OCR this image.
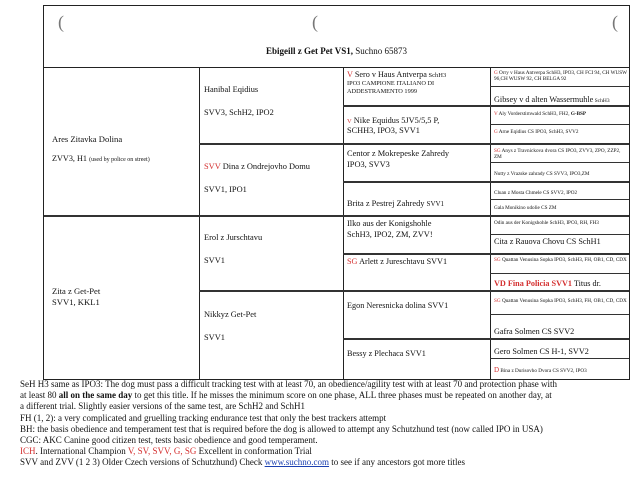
(	(	(
Ebigeill z Get Pet VS1, Suchno 65873
Ares Zitavka Dolina
ZVV3, H1 (used by police on street)
Zita z Get-Pet
SVV1, KKL1
Hanibal Eqidius
SVV3, SchH2, IPO2
SVV Dina z Ondrejovho Domu
SVV1, IPO1
Erol z Jurschtavu
SVV1
Nikkyz Get-Pet
SVV1
V Sero v Haus Antverpa SchH3
IPO3 CAMPIONE ITALIANO DI ADDESTRAMENTO 1999
V Nike Equidus 5JV5/5,5 P,
SCHH3, IPO3, SVV1
Centor z Mokrepeske Zahredy
IPO3, SVV3
Brita z Pestrej Zahredy SVV1
Ilko aus der Konigshohle
SchH3, IPO2, ZM, ZVV!
SG Arlett z Jureschtavu SVV1
Egon Neresnicka dolina SVV1
Bessy z Plechaca SVV1
G Orry v Haus Antverpa SchH3, IPO3, CH FCI 94, CH WUSW 96,CH WUSW 92, CH BELGA 92
Gibsey v d alten Wassermuhle SchH3
V Aly Vorderstirnwald SchH3, FH2, G-BSP
G Arne Eqidius CS IPO3, SchH3, SVV2
SG Anys z Travnickova dvora CS IPO3, ZVV3, ZPO, ZZP2, ZM
Nutty z Vrazske zahrady CS SVV3, IPO3,ZM
Cluan z Mosta Chmele CS SVV2, IPO2
Gala Monikino udolie CS ZM
Odin aus der Konigshohle SchH3, IPO3, RH, FH3
Cita z Rauova Chovu CS SchH1
SG Quattan Venusina Sopka IPO3, SchH3, FH, OB1, CD, CDX
VD Fina Policia SVV1 Titus dr.
SG Quattan Venusina Sopka IPO3, SchH3, FH, OB1, CD, CDX
Gafra Solmen CS SVV2
Gero Solmen CS H-1, SVV2
D Bina z Durisovho Dvora CS SVV2, IPO3

SeH H3 same as IPO3: The dog must pass a difficult tracking test with at least 70, an obedience/agility test with at least 70 and protection phase with

at least 80 all on the same day to get this title. If he misses the minimum score on one phase, ALL three phases must be repeated on another day, at

a different trial. Slightly easier versions of the same test, are SchH2 and SchH1

FH (1, 2): a very complicated and gruelling tracking endurance test that only the best trackers attempt

BH: the basis obedience and temperament test that is required before the dog is allowed to attempt any Schutzhund test (now called IPO in USA)

CGC: AKC Canine good citizen test, tests basic obedience and good temperament.

ICH. International Champion V, SV, SVV, G, SG Excellent in conformation Trial

SVV and ZVV (1 2 3) Older Czech versions of Schutzhund) Check www.suchno.com to see if any ancestors got more titles
